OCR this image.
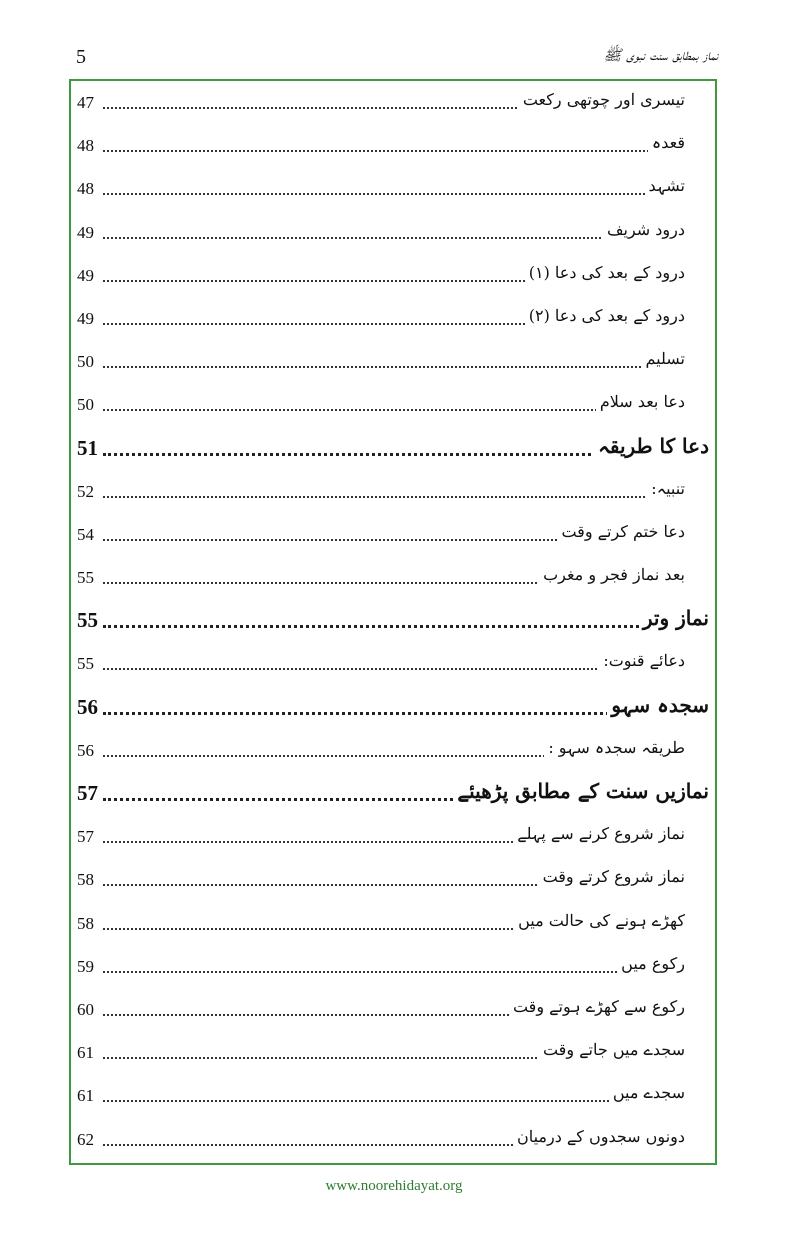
5	نماز بمطابق سنت نبوی ﷺ
47	تیسری اور چوتھی رکعت
48	قعدہ
48	تشہد
49	درود شریف
49	درود کے بعد کی دعا (۱)
49	درود کے بعد کی دعا (۲)
50	تسلیم
50	دعا بعد سلام
51	دعا کا طریقہ
52	تنبیہ:
54	دعا ختم کرتے وقت
55	بعد نماز فجر و مغرب
55	نماز وتر
55	دعائے قنوت:
56	سجدہ سہو
56	طریقہ سجدہ سہو :
57	نمازیں سنت کے مطابق پڑھیئے
57	نماز شروع کرنے سے پہلے
58	نماز شروع کرتے وقت
58	کھڑے ہونے کی حالت میں
59	رکوع میں
60	رکوع سے کھڑے ہوتے وقت
61	سجدے میں جاتے وقت
61	سجدے میں
62	دونوں سجدوں کے درمیان
www.noorehidayat.org
